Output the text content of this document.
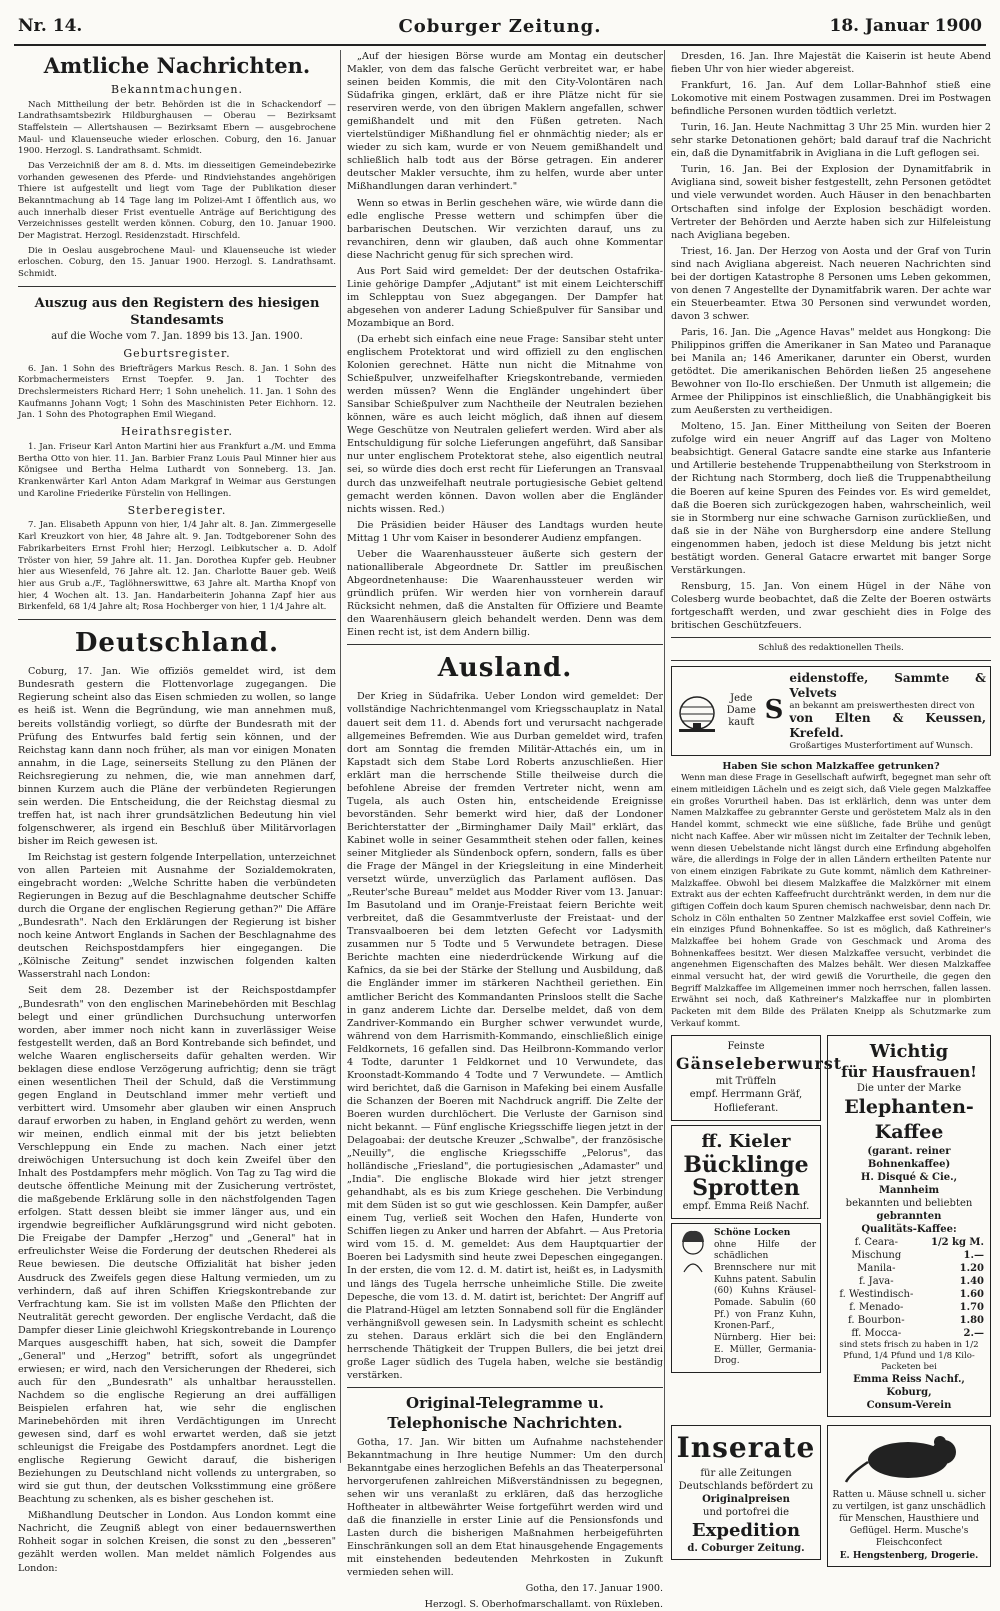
Nr. 14.	Coburger Zeitung.	18. Januar 1900
Amtliche Nachrichten.
Bekanntmachungen.

Nach Mittheilung der betr. Behörden ist die in Schackendorf — Landrathsamtsbezirk Hildburghausen — Oberau — Bezirksamt Staffelstein — Allertshausen — Bezirksamt Ebern — ausgebrochene Maul- und Klauenseuche wieder erloschen. Coburg, den 16. Januar 1900. Herzogl. S. Landrathsamt. Schmidt.

Das Verzeichniß der am 8. d. Mts. im diesseitigen Gemeindebezirke vorhanden gewesenen des Pferde- und Rindviehstandes angehörigen Thiere ist aufgestellt und liegt vom Tage der Publikation dieser Bekanntmachung ab 14 Tage lang im Polizei-Amt I öffentlich aus, wo auch innerhalb dieser Frist eventuelle Anträge auf Berichtigung des Verzeichnisses gestellt werden können. Coburg, den 10. Januar 1900. Der Magistrat. Herzogl. Residenzstadt. Hirschfeld.

Die in Oeslau ausgebrochene Maul- und Klauenseuche ist wieder erloschen. Coburg, den 15. Januar 1900. Herzogl. S. Landrathsamt. Schmidt.

Auszug aus den Registern des hiesigen Standesamts
auf die Woche vom 7. Jan. 1899 bis 13. Jan. 1900.
Geburtsregister.

6. Jan. 1 Sohn des Briefträgers Markus Resch. 8. Jan. 1 Sohn des Korbmachermeisters Ernst Toepfer. 9. Jan. 1 Tochter des Drechslermeisters Richard Herr; 1 Sohn unehelich. 11. Jan. 1 Sohn des Kaufmanns Johann Vogt; 1 Sohn des Maschinisten Peter Eichhorn. 12. Jan. 1 Sohn des Photographen Emil Wiegand.

Heirathsregister.

1. Jan. Friseur Karl Anton Martini hier aus Frankfurt a./M. und Emma Bertha Otto von hier. 11. Jan. Barbier Franz Louis Paul Minner hier aus Königsee und Bertha Helma Luthardt von Sonneberg. 13. Jan. Krankenwärter Karl Anton Adam Markgraf in Weimar aus Gerstungen und Karoline Friederike Fürstelin von Hellingen.

Sterberegister.

7. Jan. Elisabeth Appunn von hier, 1/4 Jahr alt. 8. Jan. Zimmergeselle Karl Kreuzkort von hier, 48 Jahre alt. 9. Jan. Todtgeborener Sohn des Fabrikarbeiters Ernst Frohl hier; Herzogl. Leibkutscher a. D. Adolf Tröster von hier, 59 Jahre alt. 11. Jan. Dorothea Kupfer geb. Heubner hier aus Wiesenfeld, 76 Jahre alt. 12. Jan. Charlotte Bauer geb. Weiß hier aus Grub a./F., Taglöhnerswittwe, 63 Jahre alt. Martha Knopf von hier, 4 Wochen alt. 13. Jan. Handarbeiterin Johanna Zapf hier aus Birkenfeld, 68 1/4 Jahre alt; Rosa Hochberger von hier, 1 1/4 Jahre alt.

Deutschland.

Coburg, 17. Jan. Wie offiziös gemeldet wird, ist dem Bundesrath gestern die Flottenvorlage zugegangen. Die Regierung scheint also das Eisen schmieden zu wollen, so lange es heiß ist. Wenn die Begründung, wie man annehmen muß, bereits vollständig vorliegt, so dürfte der Bundesrath mit der Prüfung des Entwurfes bald fertig sein können, und der Reichstag kann dann noch früher, als man vor einigen Monaten annahm, in die Lage, seinerseits Stellung zu den Plänen der Reichsregierung zu nehmen, die, wie man annehmen darf, binnen Kurzem auch die Pläne der verbündeten Regierungen sein werden. Die Entscheidung, die der Reichstag diesmal zu treffen hat, ist nach ihrer grundsätzlichen Bedeutung hin viel folgenschwerer, als irgend ein Beschluß über Militärvorlagen bisher im Reich gewesen ist.

Im Reichstag ist gestern folgende Interpellation, unterzeichnet von allen Parteien mit Ausnahme der Sozialdemokraten, eingebracht worden: „Welche Schritte haben die verbündeten Regierungen in Bezug auf die Beschlagnahme deutscher Schiffe durch die Organe der englischen Regierung gethan?" Die Affäre „Bundesrath". Nach den Erklärungen der Regierung ist bisher noch keine Antwort Englands in Sachen der Beschlagnahme des deutschen Reichspostdampfers hier eingegangen. Die „Kölnische Zeitung" sendet inzwischen folgenden kalten Wasserstrahl nach London:

Seit dem 28. Dezember ist der Reichspostdampfer „Bundesrath" von den englischen Marinebehörden mit Beschlag belegt und einer gründlichen Durchsuchung unterworfen worden, aber immer noch nicht kann in zuverlässiger Weise festgestellt werden, daß an Bord Kontrebande sich befindet, und welche Waaren englischerseits dafür gehalten werden. Wir beklagen diese endlose Verzögerung aufrichtig; denn sie trägt einen wesentlichen Theil der Schuld, daß die Verstimmung gegen England in Deutschland immer mehr vertieft und verbittert wird. Umsomehr aber glauben wir einen Anspruch darauf erworben zu haben, in England gehört zu werden, wenn wir meinen, endlich einmal mit der bis jetzt beliebten Verschleppung ein Ende zu machen. Nach einer jetzt dreiwöchigen Untersuchung ist doch kein Zweifel über den Inhalt des Postdampfers mehr möglich. Von Tag zu Tag wird die deutsche öffentliche Meinung mit der Zusicherung vertröstet, die maßgebende Erklärung solle in den nächstfolgenden Tagen erfolgen. Statt dessen bleibt sie immer länger aus, und ein irgendwie begreiflicher Aufklärungsgrund wird nicht geboten. Die Freigabe der Dampfer „Herzog" und „General" hat in erfreulichster Weise die Forderung der deutschen Rhederei als Reue bewiesen. Die deutsche Offizialität hat bisher jeden Ausdruck des Zweifels gegen diese Haltung vermieden, um zu verhindern, daß auf ihren Schiffen Kriegskontrebande zur Verfrachtung kam. Sie ist im vollsten Maße den Pflichten der Neutralität gerecht geworden. Der englische Verdacht, daß die Dampfer dieser Linie gleichwohl Kriegskontrebande in Lourenço Marques ausgeschifft haben, hat sich, soweit die Dampfer „General" und „Herzog" betrifft, sofort als ungegründet erwiesen; er wird, nach den Versicherungen der Rhederei, sich auch für den „Bundesrath" als unhaltbar herausstellen. Nachdem so die englische Regierung an drei auffälligen Beispielen erfahren hat, wie sehr die englischen Marinebehörden mit ihren Verdächtigungen im Unrecht gewesen sind, darf es wohl erwartet werden, daß sie jetzt schleunigst die Freigabe des Postdampfers anordnet. Legt die englische Regierung Gewicht darauf, die bisherigen Beziehungen zu Deutschland nicht vollends zu untergraben, so wird sie gut thun, der deutschen Volksstimmung eine größere Beachtung zu schenken, als es bisher geschehen ist.

Mißhandlung Deutscher in London. Aus London kommt eine Nachricht, die Zeugniß ablegt von einer bedauernswerthen Rohheit sogar in solchen Kreisen, die sonst zu den „besseren" gezählt werden wollen. Man meldet nämlich Folgendes aus London:

„Auf der hiesigen Börse wurde am Montag ein deutscher Makler, von dem das falsche Gerücht verbreitet war, er habe seinen beiden Kommis, die mit den City-Volontären nach Südafrika gingen, erklärt, daß er ihre Plätze nicht für sie reserviren werde, von den übrigen Maklern angefallen, schwer gemißhandelt und mit den Füßen getreten. Nach viertelstündiger Mißhandlung fiel er ohnmächtig nieder; als er wieder zu sich kam, wurde er von Neuem gemißhandelt und schließlich halb todt aus der Börse getragen. Ein anderer deutscher Makler versuchte, ihm zu helfen, wurde aber unter Mißhandlungen daran verhindert."

Wenn so etwas in Berlin geschehen wäre, wie würde dann die edle englische Presse wettern und schimpfen über die barbarischen Deutschen. Wir verzichten darauf, uns zu revanchiren, denn wir glauben, daß auch ohne Kommentar diese Nachricht genug für sich sprechen wird.

Aus Port Said wird gemeldet: Der der deutschen Ostafrika-Linie gehörige Dampfer „Adjutant" ist mit einem Leichterschiff im Schlepptau von Suez abgegangen. Der Dampfer hat abgesehen von anderer Ladung Schießpulver für Sansibar und Mozambique an Bord.

(Da erhebt sich einfach eine neue Frage: Sansibar steht unter englischem Protektorat und wird offiziell zu den englischen Kolonien gerechnet. Hätte nun nicht die Mitnahme von Schießpulver, unzweifelhafter Kriegskontrebande, vermieden werden müssen? Wenn die Engländer ungehindert über Sansibar Schießpulver zum Nachtheile der Neutralen beziehen können, wäre es auch leicht möglich, daß ihnen auf diesem Wege Geschütze von Neutralen geliefert werden. Wird aber als Entschuldigung für solche Lieferungen angeführt, daß Sansibar nur unter englischem Protektorat stehe, also eigentlich neutral sei, so würde dies doch erst recht für Lieferungen an Transvaal durch das unzweifelhaft neutrale portugiesische Gebiet geltend gemacht werden können. Davon wollen aber die Engländer nichts wissen. Red.)

Die Präsidien beider Häuser des Landtags wurden heute Mittag 1 Uhr vom Kaiser in besonderer Audienz empfangen.

Ueber die Waarenhaussteuer äußerte sich gestern der nationalliberale Abgeordnete Dr. Sattler im preußischen Abgeordnetenhause: Die Waarenhaussteuer werden wir gründlich prüfen. Wir werden hier von vornherein darauf Rücksicht nehmen, daß die Anstalten für Offiziere und Beamte den Waarenhäusern gleich behandelt werden. Denn was dem Einen recht ist, ist dem Andern billig.

Ausland.

Der Krieg in Südafrika. Ueber London wird gemeldet: Der vollständige Nachrichtenmangel vom Kriegsschauplatz in Natal dauert seit dem 11. d. Abends fort und verursacht nachgerade allgemeines Befremden. Wie aus Durban gemeldet wird, trafen dort am Sonntag die fremden Militär-Attachés ein, um in Kapstadt sich dem Stabe Lord Roberts anzuschließen. Hier erklärt man die herrschende Stille theilweise durch die befohlene Abreise der fremden Vertreter nicht, wenn am Tugela, als auch Osten hin, entscheidende Ereignisse bevorständen. Sehr bemerkt wird hier, daß der Londoner Berichterstatter der „Birminghamer Daily Mail" erklärt, das Kabinet wolle in seiner Gesammtheit stehen oder fallen, keines seiner Mitglieder als Sündenbock opfern, sondern, falls es über die Frage der Mängel in der Kriegsleitung in eine Minderheit versetzt würde, unverzüglich das Parlament auflösen. Das „Reuter'sche Bureau" meldet aus Modder River vom 13. Januar: Im Basutoland und im Oranje-Freistaat feiern Berichte weit verbreitet, daß die Gesammtverluste der Freistaat- und der Transvaalboeren bei dem letzten Gefecht vor Ladysmith zusammen nur 5 Todte und 5 Verwundete betragen. Diese Berichte machten eine niederdrückende Wirkung auf die Kafnics, da sie bei der Stärke der Stellung und Ausbildung, daß die Engländer immer im stärkeren Nachtheil geriethen. Ein amtlicher Bericht des Kommandanten Prinsloos stellt die Sache in ganz anderem Lichte dar. Derselbe meldet, daß von dem Zandriver-Kommando ein Burgher schwer verwundet wurde, während von dem Harrismith-Kommando, einschließlich einige Feldkornets, 16 gefallen sind. Das Heilbronn-Kommando verlor 4 Todte, darunter 1 Feldkornet und 10 Verwundete, das Kroonstadt-Kommando 4 Todte und 7 Verwundete. — Amtlich wird berichtet, daß die Garnison in Mafeking bei einem Ausfalle die Schanzen der Boeren mit Nachdruck angriff. Die Zelte der Boeren wurden durchlöchert. Die Verluste der Garnison sind nicht bekannt. — Fünf englische Kriegsschiffe liegen jetzt in der Delagoabai: der deutsche Kreuzer „Schwalbe", der französische „Neuilly", die englische Kriegsschiffe „Pelorus", das holländische „Friesland", die portugiesischen „Adamaster" und „India". Die englische Blokade wird hier jetzt strenger gehandhabt, als es bis zum Kriege geschehen. Die Verbindung mit dem Süden ist so gut wie geschlossen. Kein Dampfer, außer einem Tug, verließ seit Wochen den Hafen, Hunderte von Schiffen liegen zu Anker und harren der Abfahrt. — Aus Pretoria wird vom 15. d. M. gemeldet: Aus dem Hauptquartier der Boeren bei Ladysmith sind heute zwei Depeschen eingegangen. In der ersten, die vom 12. d. M. datirt ist, heißt es, in Ladysmith und längs des Tugela herrsche unheimliche Stille. Die zweite Depesche, die vom 13. d. M. datirt ist, berichtet: Der Angriff auf die Platrand-Hügel am letzten Sonnabend soll für die Engländer verhängnißvoll gewesen sein. In Ladysmith scheint es schlecht zu stehen. Daraus erklärt sich die bei den Engländern herrschende Thätigkeit der Truppen Bullers, die bei jetzt drei große Lager südlich des Tugela haben, welche sie beständig verstärken.

Original-Telegramme u. Telephonische Nachrichten.

Gotha, 17. Jan. Wir bitten um Aufnahme nachstehender Bekanntmachung in Ihre heutige Nummer: Um den durch Bekanntgabe eines herzoglichen Befehls an das Theaterpersonal hervorgerufenen zahlreichen Mißverständnissen zu begegnen, sehen wir uns veranlaßt zu erklären, daß das herzogliche Hoftheater in altbewährter Weise fortgeführt werden wird und daß die finanzielle in erster Linie auf die Pensionsfonds und Lasten durch die bisherigen Maßnahmen herbeigeführten Einschränkungen soll an dem Etat hinausgehende Engagements mit einstehenden bedeutenden Mehrkosten in Zukunft vermieden sehen will.

Gotha, den 17. Januar 1900.
Herzogl. S. Oberhofmarschallamt. von Rüxleben.

Dresden, 16. Jan. Ihre Majestät die Kaiserin ist heute Abend fieben Uhr von hier wieder abgereist.

Frankfurt, 16. Jan. Auf dem Lollar-Bahnhof stieß eine Lokomotive mit einem Postwagen zusammen. Drei im Postwagen befindliche Personen wurden tödtlich verletzt.

Turin, 16. Jan. Heute Nachmittag 3 Uhr 25 Min. wurden hier 2 sehr starke Detonationen gehört; bald darauf traf die Nachricht ein, daß die Dynamitfabrik in Avigliana in die Luft geflogen sei.

Turin, 16. Jan. Bei der Explosion der Dynamitfabrik in Avigliana sind, soweit bisher festgestellt, zehn Personen getödtet und viele verwundet worden. Auch Häuser in den benachbarten Ortschaften sind infolge der Explosion beschädigt worden. Vertreter der Behörden und Aerzte haben sich zur Hilfeleistung nach Avigliana begeben.

Triest, 16. Jan. Der Herzog von Aosta und der Graf von Turin sind nach Avigliana abgereist. Nach neueren Nachrichten sind bei der dortigen Katastrophe 8 Personen ums Leben gekommen, von denen 7 Angestellte der Dynamitfabrik waren. Der achte war ein Steuerbeamter. Etwa 30 Personen sind verwundet worden, davon 3 schwer.

Paris, 16. Jan. Die „Agence Havas" meldet aus Hongkong: Die Philippinos griffen die Amerikaner in San Mateo und Paranaque bei Manila an; 146 Amerikaner, darunter ein Oberst, wurden getödtet. Die amerikanischen Behörden ließen 25 angesehene Bewohner von Ilo-Ilo erschießen. Der Unmuth ist allgemein; die Armee der Philippinos ist einschließlich, die Unabhängigkeit bis zum Aeußersten zu vertheidigen.

Molteno, 15. Jan. Einer Mittheilung von Seiten der Boeren zufolge wird ein neuer Angriff auf das Lager von Molteno beabsichtigt. General Gatacre sandte eine starke aus Infanterie und Artillerie bestehende Truppenabtheilung von Sterkstroom in der Richtung nach Stormberg, doch ließ die Truppenabtheilung die Boeren auf keine Spuren des Feindes vor. Es wird gemeldet, daß die Boeren sich zurückgezogen haben, wahrscheinlich, weil sie in Stormberg nur eine schwache Garnison zurückließen, und daß sie in der Nähe von Burghersdorp eine andere Stellung eingenommen haben, jedoch ist diese Meldung bis jetzt nicht bestätigt worden. General Gatacre erwartet mit banger Sorge Verstärkungen.

Rensburg, 15. Jan. Von einem Hügel in der Nähe von Colesberg wurde beobachtet, daß die Zelte der Boeren ostwärts fortgeschafft werden, und zwar geschieht dies in Folge des britischen Geschützfeuers.

Schluß des redaktionellen Theils.
Jede
Dame
kauft S
eidenstoffe, Sammte & Velvets
an bekannt am preiswerthesten direct von
von Elten & Keussen, Krefeld.
Großartiges Musterfortiment auf Wunsch.
Haben Sie schon Malzkaffee getrunken?

Wenn man diese Frage in Gesellschaft aufwirft, begegnet man sehr oft einem mitleidigen Lächeln und es zeigt sich, daß Viele gegen Malzkaffee ein großes Vorurtheil haben. Das ist erklärlich, denn was unter dem Namen Malzkaffee zu gebrannter Gerste und geröstetem Malz als in den Handel kommt, schmeckt wie eine süßliche, fade Brühe und genügt nicht nach Kaffee. Aber wir müssen nicht im Zeitalter der Technik leben, wenn diesen Uebelstande nicht längst durch eine Erfindung abgeholfen wäre, die allerdings in Folge der in allen Ländern ertheilten Patente nur von einem einzigen Fabrikate zu Gute kommt, nämlich dem Kathreiner-Malzkaffee. Obwohl bei diesem Malzkaffee die Malzkörner mit einem Extrakt aus der echten Kaffeefrucht durchtränkt werden, in dem nur die giftigen Coffein doch kaum Spuren chemisch nachweisbar, denn nach Dr. Scholz in Cöln enthalten 50 Zentner Malzkaffee erst soviel Coffein, wie ein einziges Pfund Bohnenkaffee. So ist es möglich, daß Kathreiner's Malzkaffee bei hohem Grade von Geschmack und Aroma des Bohnenkaffees besitzt. Wer diesen Malzkaffee versucht, verbindet die angenehmen Eigenschaften des Malzes behält. Wer diesen Malzkaffee einmal versucht hat, der wird gewiß die Vorurtheile, die gegen den Begriff Malzkaffee im Allgemeinen immer noch herrschen, fallen lassen. Erwähnt sei noch, daß Kathreiner's Malzkaffee nur in plombirten Packeten mit dem Bilde des Prälaten Kneipp als Schutzmarke zum Verkauf kommt.

Feinste
Gänseleberwurst
mit Trüffeln
empf. Herrmann Gräf,
Hoflieferant.
ff. Kieler
Bücklinge
Sprotten
empf. Emma Reiß Nachf.
Schöne Locken
ohne Hilfe der schädlichen Brennschere nur mit Kuhns patent. Sabulin (60) Kuhns Kräusel-Pomade. Sabulin (60 Pf.) von Franz Kuhn, Kronen-Parf., Nürnberg. Hier bei: E. Müller, Germania-Drog.
Wichtig
für Hausfrauen!
Die unter der Marke
Elephanten-Kaffee
(garant. reiner Bohnenkaffee)
H. Disqué & Cie., Mannheim
bekannten und beliebten
gebrannten
Qualitäts-Kaffee:
f. Ceara-Mischung	1/2 kg M. 1.—
Manila-	1.20
f. Java-	1.40
f. Westindisch-	1.60
f. Menado-	1.70
f. Bourbon-	1.80
ff. Mocca-	2.—
sind stets frisch zu haben in 1/2 Pfund, 1/4 Pfund und 1/8 Kilo-Packeten bei
Emma Reiss Nachf., Koburg,
Consum-Verein
Inserate
für alle Zeitungen Deutschlands befördert zu
Originalpreisen
und portofrei die
Expedition
d. Coburger Zeitung.
Ratten u. Mäuse schnell u. sicher zu vertilgen, ist ganz unschädlich für Menschen, Hausthiere und Geflügel. Herm. Musche's Fleischconfect
E. Hengstenberg, Drogerie.
